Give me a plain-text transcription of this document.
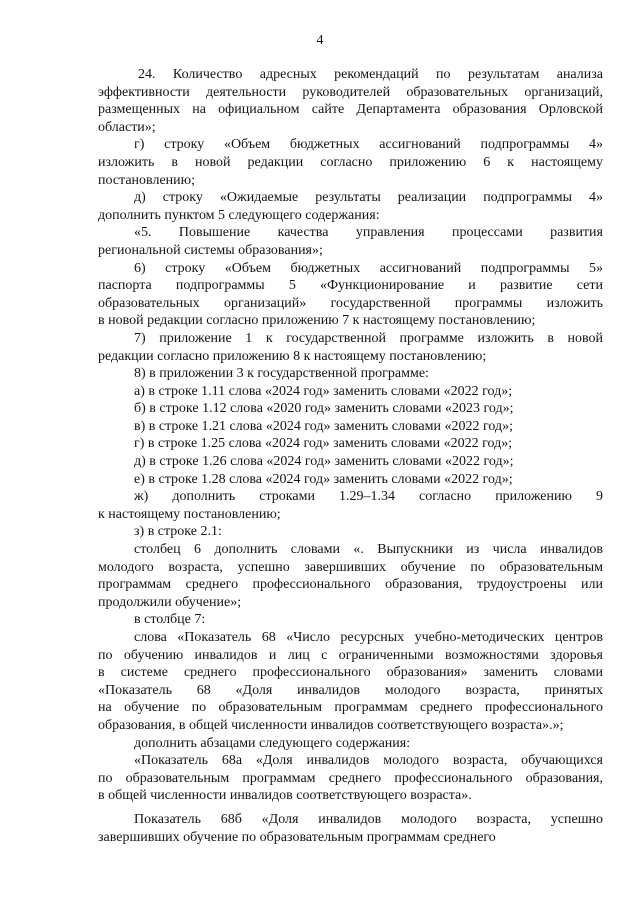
4
24. Количество адресных рекомендаций по результатам анализа
эффективности деятельности руководителей образовательных организаций,
размещенных на официальном сайте Департамента образования Орловской
области»;
г) строку «Объем бюджетных ассигнований подпрограммы 4»
изложить в новой редакции согласно приложению 6 к настоящему
постановлению;
д) строку «Ожидаемые результаты реализации подпрограммы 4»
дополнить пунктом 5 следующего содержания:
«5. Повышение качества управления процессами развития
региональной системы образования»;
6) строку «Объем бюджетных ассигнований подпрограммы 5»
паспорта подпрограммы 5 «Функционирование и развитие сети
образовательных организаций» государственной программы изложить
в новой редакции согласно приложению 7 к настоящему постановлению;
7) приложение 1 к государственной программе изложить в новой
редакции согласно приложению 8 к настоящему постановлению;
8) в приложении 3 к государственной программе:
а) в строке 1.11 слова «2024 год» заменить словами «2022 год»;
б) в строке 1.12 слова «2020 год» заменить словами «2023 год»;
в) в строке 1.21 слова «2024 год» заменить словами «2022 год»;
г) в строке 1.25 слова «2024 год» заменить словами «2022 год»;
д) в строке 1.26 слова «2024 год» заменить словами «2022 год»;
е) в строке 1.28 слова «2024 год» заменить словами «2022 год»;
ж) дополнить строками 1.29–1.34 согласно приложению 9
к настоящему постановлению;
з) в строке 2.1:
столбец 6 дополнить словами «. Выпускники из числа инвалидов
молодого возраста, успешно завершивших обучение по образовательным
программам среднего профессионального образования, трудоустроены или
продолжили обучение»;
в столбце 7:
слова «Показатель 68 «Число ресурсных учебно-методических центров
по обучению инвалидов и лиц с ограниченными возможностями здоровья
в системе среднего профессионального образования» заменить словами
«Показатель 68 «Доля инвалидов молодого возраста, принятых
на обучение по образовательным программам среднего профессионального
образования, в общей численности инвалидов соответствующего возраста».»;
дополнить абзацами следующего содержания:
«Показатель 68а «Доля инвалидов молодого возраста, обучающихся
по образовательным программам среднего профессионального образования,
в общей численности инвалидов соответствующего возраста».
Показатель 68б «Доля инвалидов молодого возраста, успешно
завершивших обучение по образовательным программам среднего
